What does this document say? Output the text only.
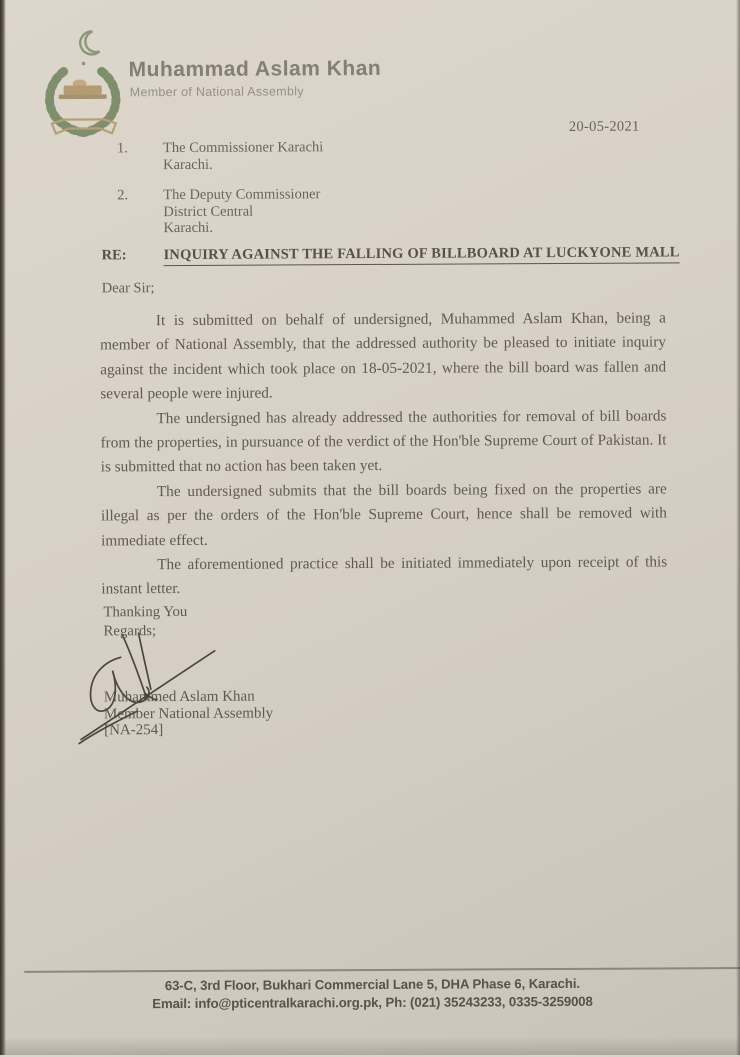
Muhammad Aslam Khan
Member of National Assembly
20-05-2021
1.	The Commissioner Karachi
Karachi.
2.	The Deputy Commissioner
District Central
Karachi.
RE:	INQUIRY AGAINST THE FALLING OF BILLBOARD AT LUCKYONE MALL
Dear Sir;

It is submitted on behalf of undersigned, Muhammed Aslam Khan, being a member of National Assembly, that the addressed authority be pleased to initiate inquiry against the incident which took place on 18-05-2021, where the bill board was fallen and several people were injured.

The undersigned has already addressed the authorities for removal of bill boards from the properties, in pursuance of the verdict of the Hon'ble Supreme Court of Pakistan. It is submitted that no action has been taken yet.

The undersigned submits that the bill boards being fixed on the properties are illegal as per the orders of the Hon'ble Supreme Court, hence shall be removed with immediate effect.

The aforementioned practice shall be initiated immediately upon receipt of this instant letter.

Thanking You
Regards;
Muhammed Aslam Khan
Member National Assembly
[NA-254]
63-C, 3rd Floor, Bukhari Commercial Lane 5, DHA Phase 6, Karachi.
Email: info@pticentralkarachi.org.pk, Ph: (021) 35243233, 0335-3259008
